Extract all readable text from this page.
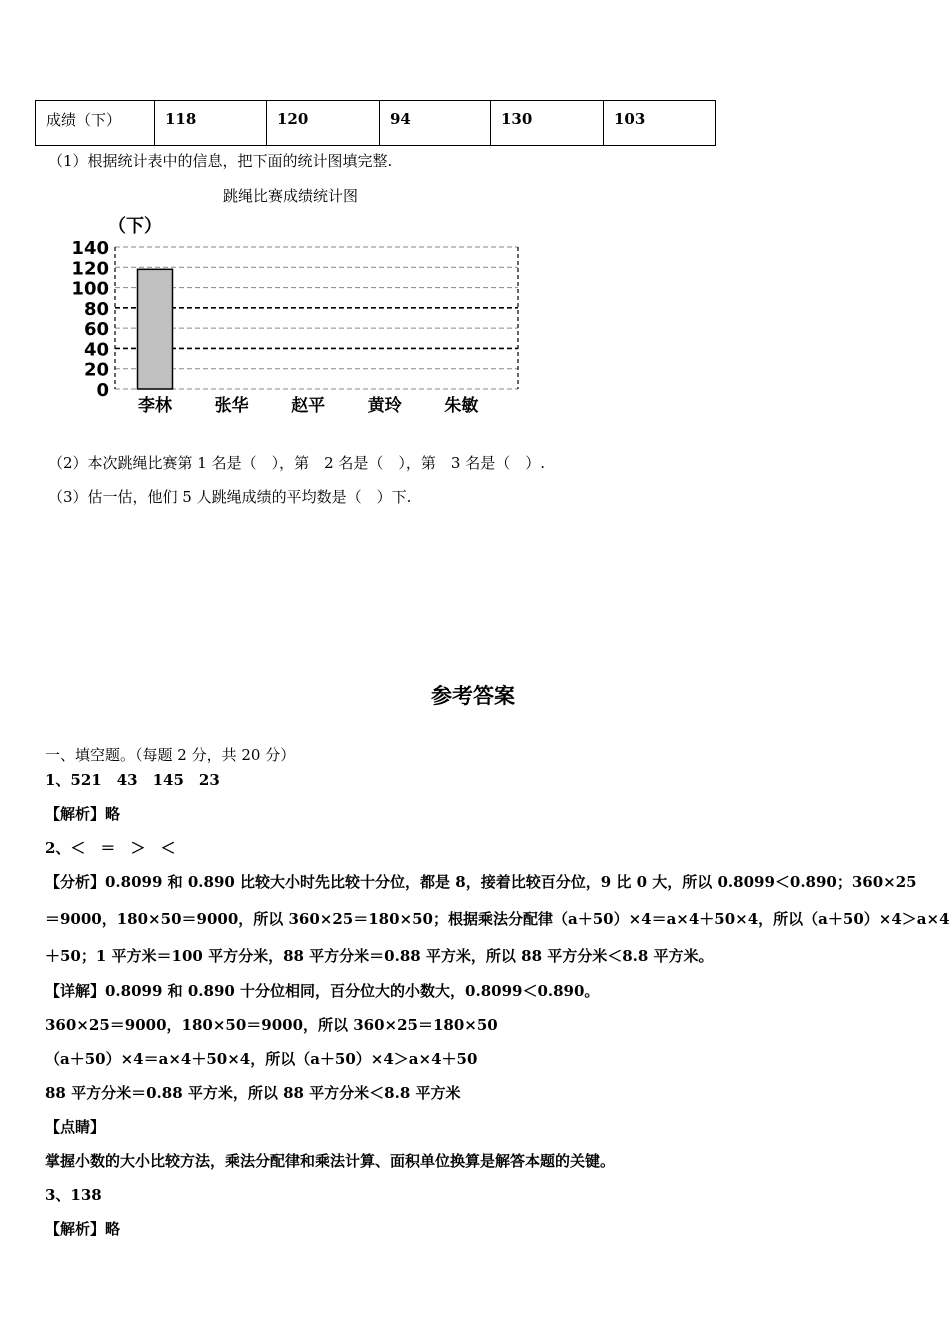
成绩（下）	118	120	94	130	103
（1）根据统计表中的信息，把下面的统计图填完整.
跳绳比赛成绩统计图
0
20
40
60
80
100
120
140
李林	张华	赵平	黄玲	朱敏
（下）
（2）本次跳绳比赛第 1 名是（　），第　2 名是（　），第　3 名是（　）.
（3）估一估，他们 5 人跳绳成绩的平均数是（　）下.
参考答案
一、填空题。（每题 2 分，共 20 分）
1、521　43　145　23
【解析】略
2、＜　＝　＞　＜
【分析】0.8099 和 0.890 比较大小时先比较十分位，都是 8，接着比较百分位，9 比 0 大，所以 0.8099＜0.890；360×25
＝9000，180×50＝9000，所以 360×25＝180×50；根据乘法分配律（a＋50）×4＝a×4＋50×4，所以（a＋50）×4＞a×4
＋50；1 平方米＝100 平方分米，88 平方分米＝0.88 平方米，所以 88 平方分米＜8.8 平方米。
【详解】0.8099 和 0.890 十分位相同，百分位大的小数大，0.8099＜0.890。
360×25＝9000，180×50＝9000，所以 360×25＝180×50
（a＋50）×4＝a×4＋50×4，所以（a＋50）×4＞a×4＋50
88 平方分米＝0.88 平方米，所以 88 平方分米＜8.8 平方米
【点睛】
掌握小数的大小比较方法，乘法分配律和乘法计算、面积单位换算是解答本题的关键。
3、138
【解析】略
